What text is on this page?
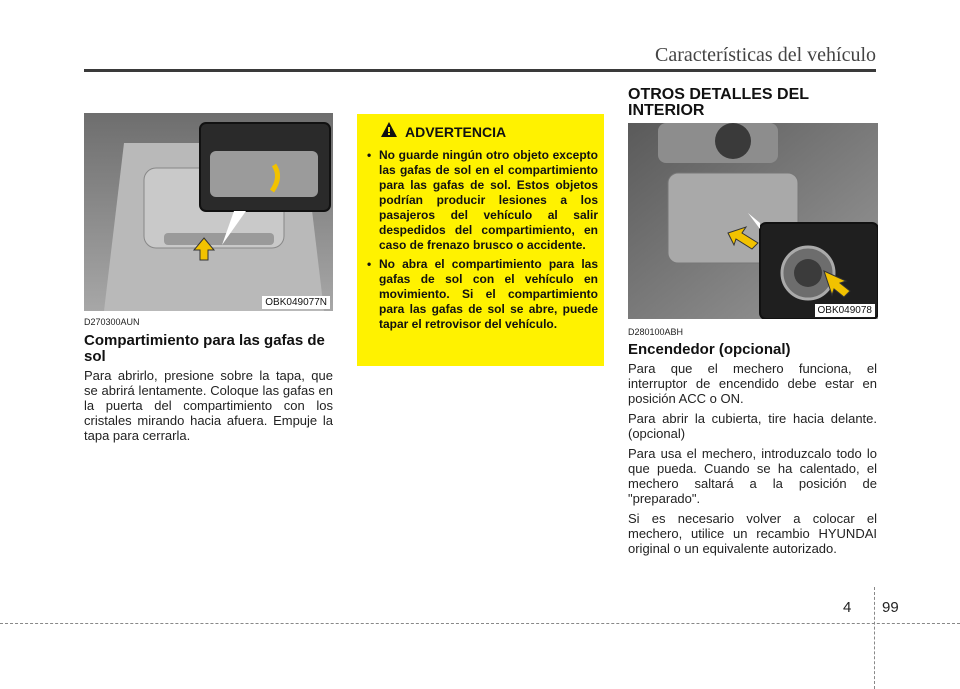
Características del vehículo
OBK049077N
D270300AUN
Compartimiento para las gafas de sol

Para abrirlo, presione sobre la tapa, que se abrirá lentamente. Coloque las gafas en la puerta del compartimiento con los cristales mirando hacia afuera. Empuje la tapa para cerrarla.

ADVERTENCIA
• No guarde ningún otro objeto excepto las gafas de sol en el compartimiento para las gafas de sol. Estos objetos podrían producir lesiones a los pasajeros del vehículo al salir despedidos del compartimiento, en caso de frenazo brusco o accidente.
• No abra el compartimiento para las gafas de sol con el vehículo en movimiento. Si el compartimiento para las gafas de sol se abre, puede tapar el retrovisor del vehículo.
OTROS DETALLES DEL INTERIOR
OBK049078
D280100ABH
Encendedor (opcional)

Para que el mechero funciona, el interruptor de encendido debe estar en posición ACC o ON.

Para abrir la cubierta, tire hacia delante. (opcional)

Para usa el mechero, introduzcalo todo lo que pueda. Cuando se ha calentado, el mechero saltará a la posición de "preparado".

Si es necesario volver a colocar el mechero, utilice un recambio HYUNDAI original o un equivalente autorizado.

4 99
